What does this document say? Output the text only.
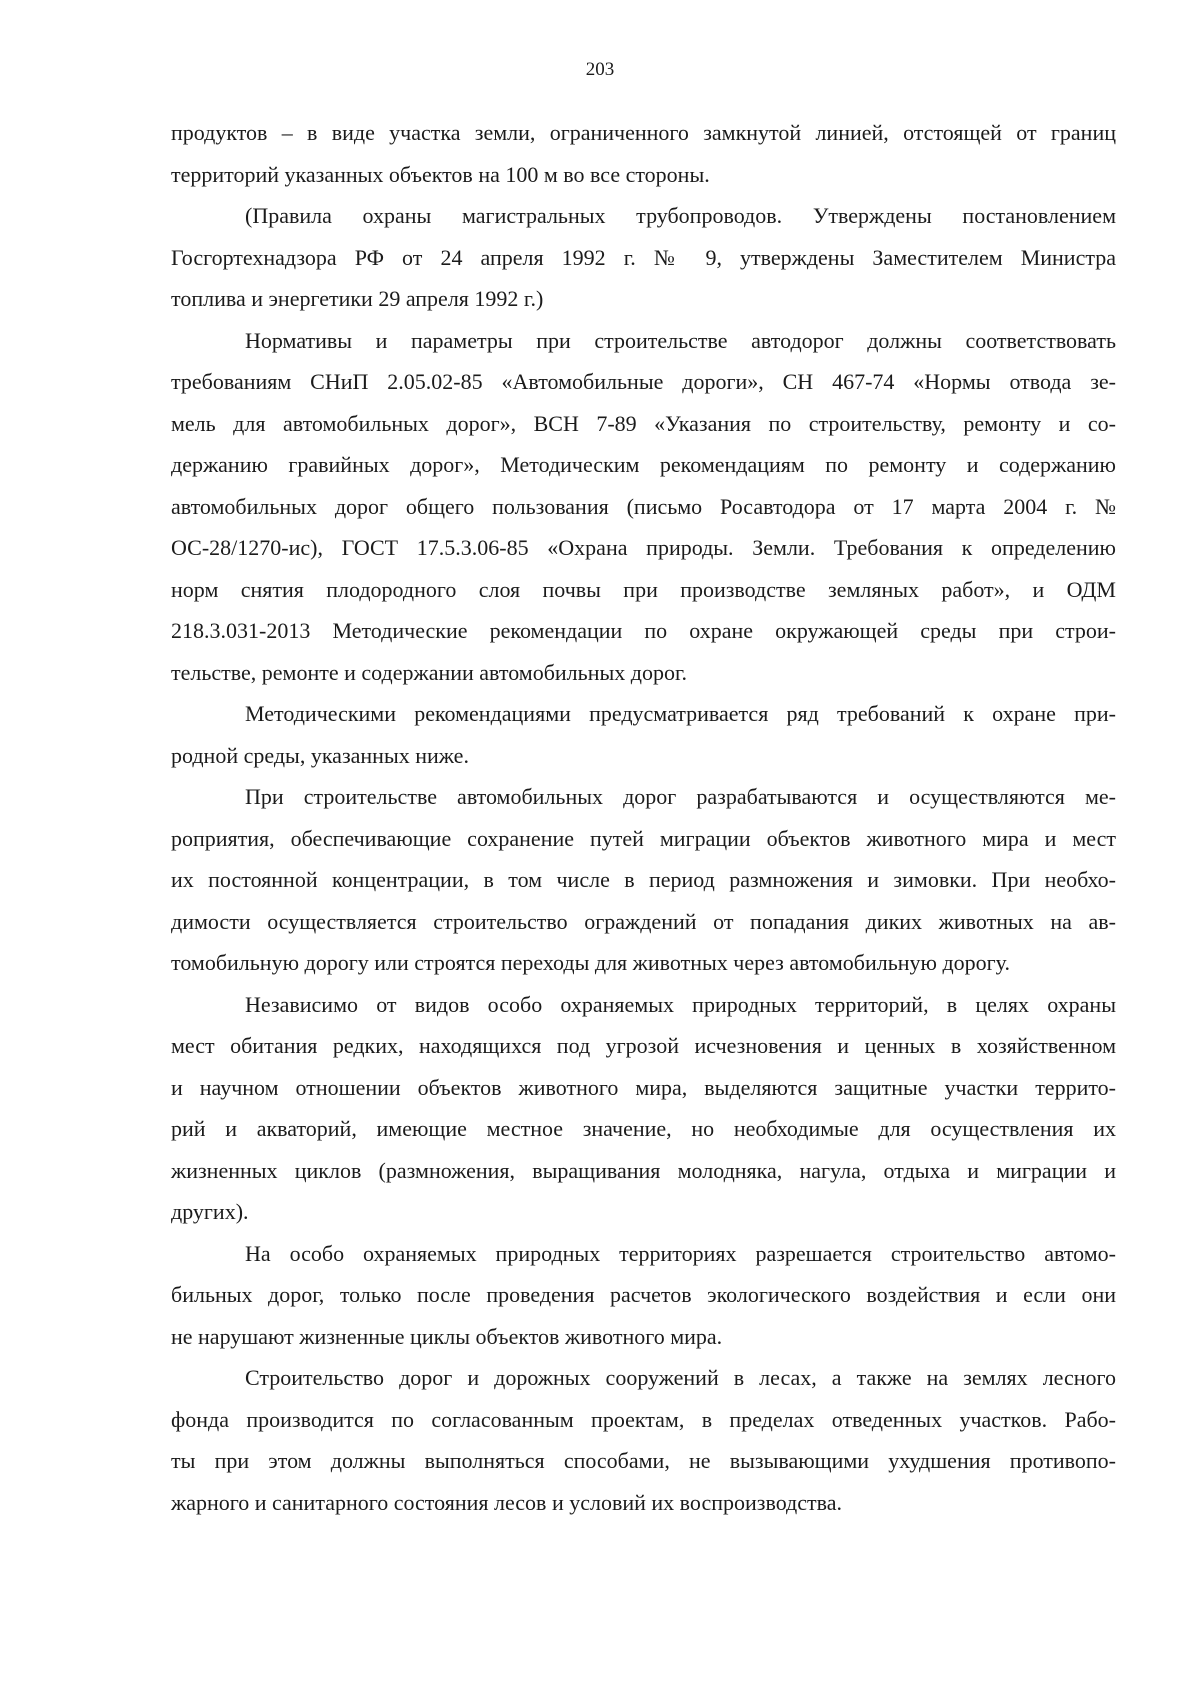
203
продуктов – в виде участка земли, ограниченного замкнутой линией, отстоящей от границ
территорий указанных объектов на 100 м во все стороны.
(Правила охраны магистральных трубопроводов. Утверждены постановлением
Госгортехнадзора РФ от 24 апреля 1992 г. № 9, утверждены Заместителем Министра
топлива и энергетики 29 апреля 1992 г.)
Нормативы и параметры при строительстве автодорог должны соответствовать
требованиям СНиП 2.05.02-85 «Автомобильные дороги», СН 467-74 «Нормы отвода зе-
мель для автомобильных дорог», ВСН 7-89 «Указания по строительству, ремонту и со-
держанию гравийных дорог», Методическим рекомендациям по ремонту и содержанию
автомобильных дорог общего пользования (письмо Росавтодора от 17 марта 2004 г. №
ОС-28/1270-ис), ГОСТ 17.5.3.06-85 «Охрана природы. Земли. Требования к определению
норм снятия плодородного слоя почвы при производстве земляных работ», и ОДМ
218.3.031-2013 Методические рекомендации по охране окружающей среды при строи-
тельстве, ремонте и содержании автомобильных дорог.
Методическими рекомендациями предусматривается ряд требований к охране при-
родной среды, указанных ниже.
При строительстве автомобильных дорог разрабатываются и осуществляются ме-
роприятия, обеспечивающие сохранение путей миграции объектов животного мира и мест
их постоянной концентрации, в том числе в период размножения и зимовки. При необхо-
димости осуществляется строительство ограждений от попадания диких животных на ав-
томобильную дорогу или строятся переходы для животных через автомобильную дорогу.
Независимо от видов особо охраняемых природных территорий, в целях охраны
мест обитания редких, находящихся под угрозой исчезновения и ценных в хозяйственном
и научном отношении объектов животного мира, выделяются защитные участки террито-
рий и акваторий, имеющие местное значение, но необходимые для осуществления их
жизненных циклов (размножения, выращивания молодняка, нагула, отдыха и миграции и
других).
На особо охраняемых природных территориях разрешается строительство автомо-
бильных дорог, только после проведения расчетов экологического воздействия и если они
не нарушают жизненные циклы объектов животного мира.
Строительство дорог и дорожных сооружений в лесах, а также на землях лесного
фонда производится по согласованным проектам, в пределах отведенных участков. Рабо-
ты при этом должны выполняться способами, не вызывающими ухудшения противопо-
жарного и санитарного состояния лесов и условий их воспроизводства.
